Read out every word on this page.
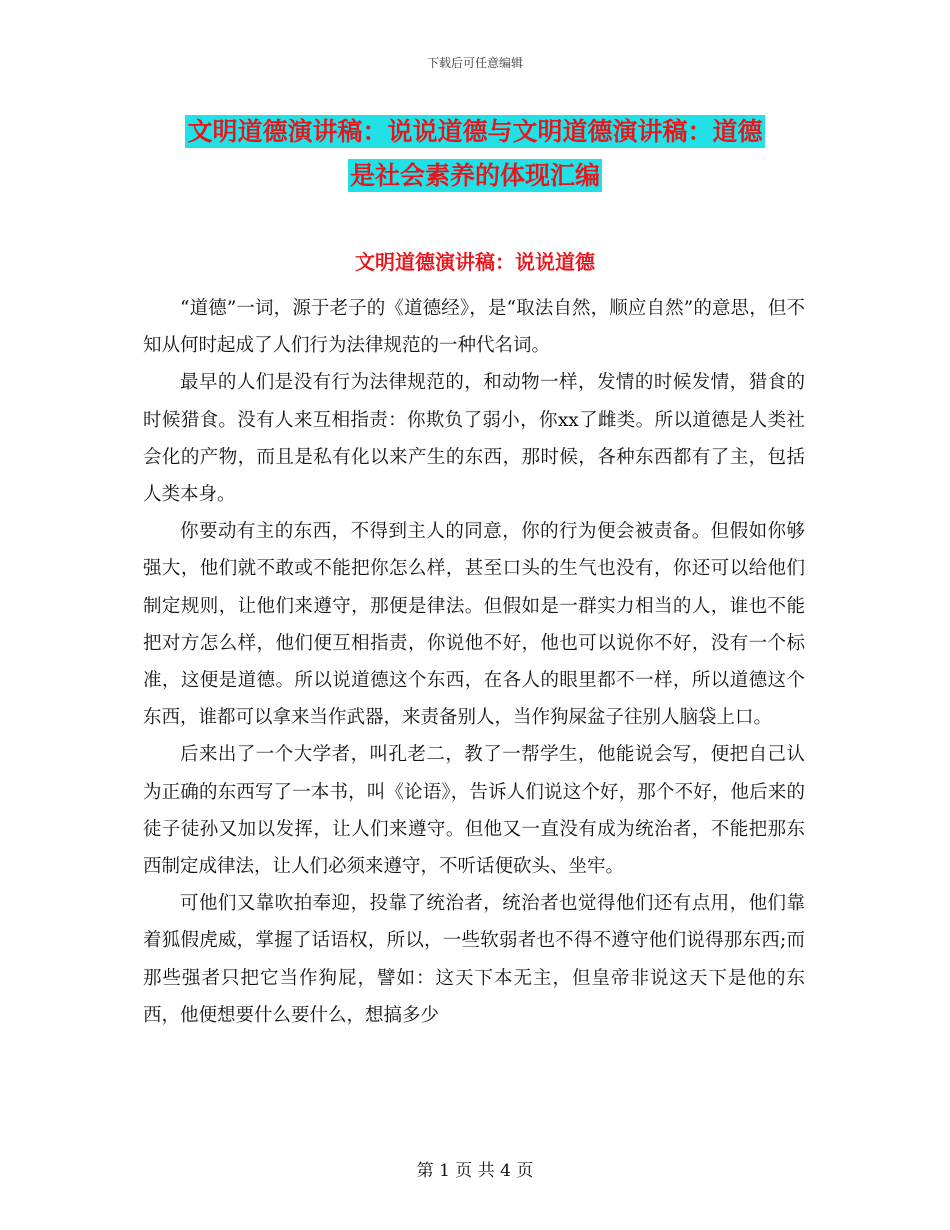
下载后可任意编辑
文明道德演讲稿：说说道德与文明道德演讲稿：道德
是社会素养的体现汇编
文明道德演讲稿：说说道德

“道德”一词，源于老子的《道德经》，是“取法自然，顺应自然”的意思，但不知从何时起成了人们行为法律规范的一种代名词。

最早的人们是没有行为法律规范的，和动物一样，发情的时候发情，猎食的时候猎食。没有人来互相指责：你欺负了弱小，你xx了雌类。所以道德是人类社会化的产物，而且是私有化以来产生的东西，那时候，各种东西都有了主，包括人类本身。

你要动有主的东西，不得到主人的同意，你的行为便会被责备。但假如你够强大，他们就不敢或不能把你怎么样，甚至口头的生气也没有，你还可以给他们制定规则，让他们来遵守，那便是律法。但假如是一群实力相当的人，谁也不能把对方怎么样，他们便互相指责，你说他不好，他也可以说你不好，没有一个标准，这便是道德。所以说道德这个东西，在各人的眼里都不一样，所以道德这个东西，谁都可以拿来当作武器，来责备别人，当作狗屎盆子往别人脑袋上口。

后来出了一个大学者，叫孔老二，教了一帮学生，他能说会写，便把自己认为正确的东西写了一本书，叫《论语》，告诉人们说这个好，那个不好，他后来的徒子徒孙又加以发挥，让人们来遵守。但他又一直没有成为统治者，不能把那东西制定成律法，让人们必须来遵守，不听话便砍头、坐牢。

可他们又靠吹拍奉迎，投靠了统治者，统治者也觉得他们还有点用，他们靠着狐假虎威，掌握了话语权，所以，一些软弱者也不得不遵守他们说得那东西;而那些强者只把它当作狗屁，譬如：这天下本无主，但皇帝非说这天下是他的东西，他便想要什么要什么，想搞多少

第 1 页 共 4 页
